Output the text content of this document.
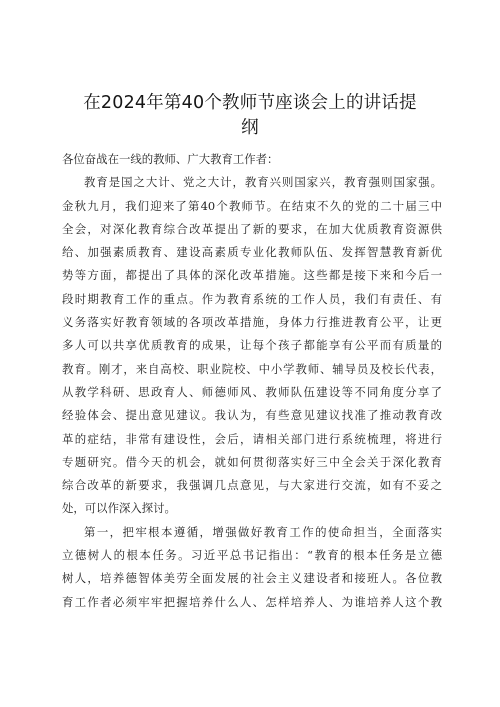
在2024年第40个教师节座谈会上的讲话提
纲
各位奋战在一线的教师、广大教育工作者：
教育是国之大计、党之大计，教育兴则国家兴，教育强则国家强。
金秋九月，我们迎来了第40个教师节。在结束不久的党的二十届三中
全会，对深化教育综合改革提出了新的要求，在加大优质教育资源供
给、加强素质教育、建设高素质专业化教师队伍、发挥智慧教育新优
势等方面，都提出了具体的深化改革措施。这些都是接下来和今后一
段时期教育工作的重点。作为教育系统的工作人员，我们有责任、有
义务落实好教育领域的各项改革措施，身体力行推进教育公平，让更
多人可以共享优质教育的成果，让每个孩子都能享有公平而有质量的
教育。刚才，来自高校、职业院校、中小学教师、辅导员及校长代表，
从教学科研、思政育人、师德师风、教师队伍建设等不同角度分享了
经验体会、提出意见建议。我认为，有些意见建议找准了推动教育改
革的症结，非常有建设性，会后，请相关部门进行系统梳理，将进行
专题研究。借今天的机会，就如何贯彻落实好三中全会关于深化教育
综合改革的新要求，我强调几点意见，与大家进行交流，如有不妥之
处，可以作深入探讨。
第一，把牢根本遵循，增强做好教育工作的使命担当，全面落实
立德树人的根本任务。习近平总书记指出：“教育的根本任务是立德
树人，培养德智体美劳全面发展的社会主义建设者和接班人。各位教
育工作者必须牢牢把握培养什么人、怎样培养人、为谁培养人这个教
